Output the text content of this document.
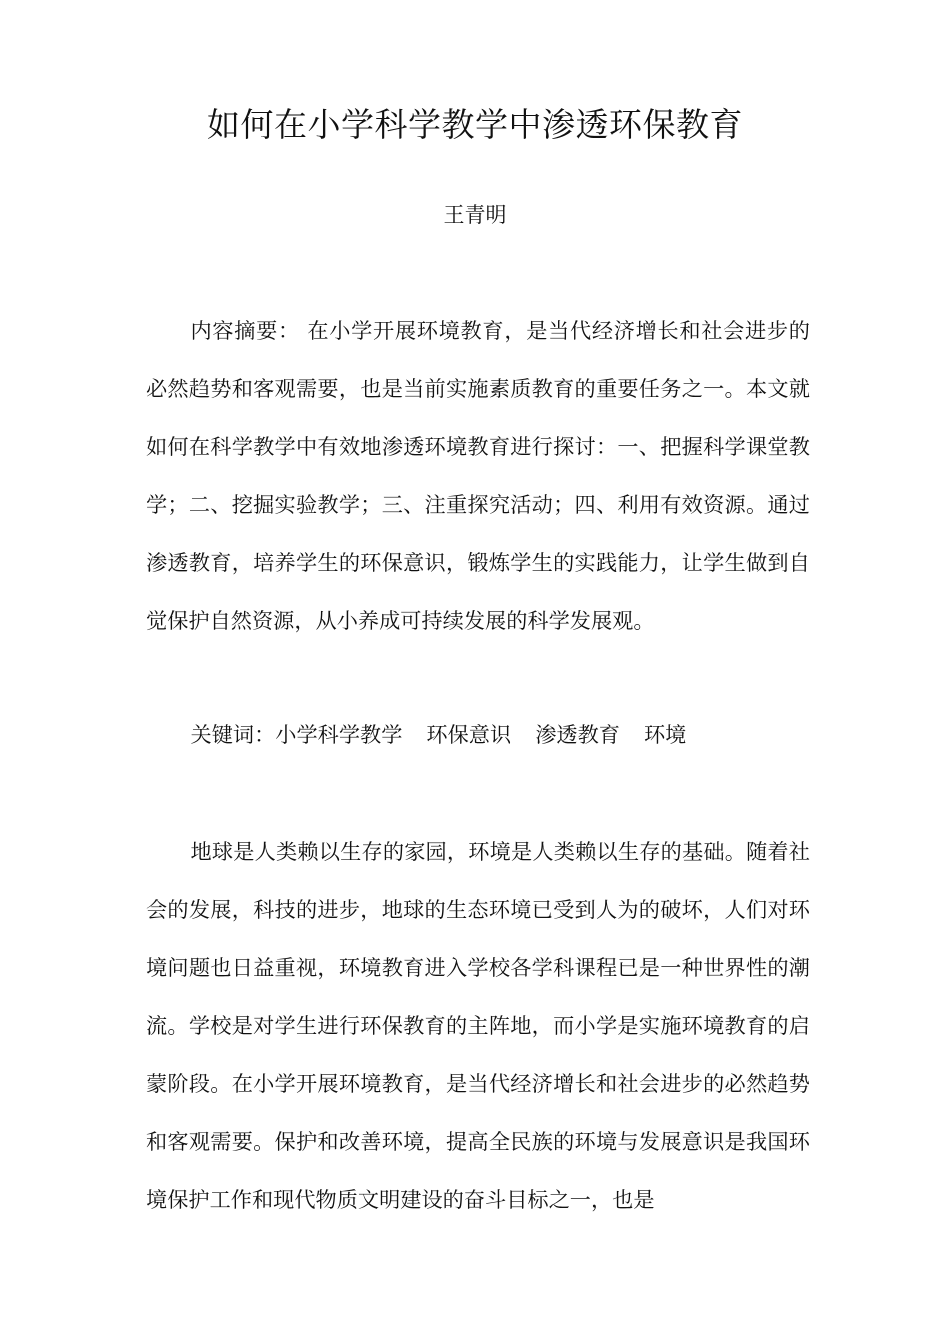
如何在小学科学教学中渗透环保教育
王青明

内容摘要： 在小学开展环境教育，是当代经济增长和社会进步的必然趋势和客观需要，也是当前实施素质教育的重要任务之一。本文就如何在科学教学中有效地渗透环境教育进行探讨：一、把握科学课堂教学；二、挖掘实验教学；三、注重探究活动；四、利用有效资源。通过渗透教育，培养学生的环保意识，锻炼学生的实践能力，让学生做到自觉保护自然资源，从小养成可持续发展的科学发展观。

关键词：小学科学教学 环保意识 渗透教育 环境

地球是人类赖以生存的家园，环境是人类赖以生存的基础。随着社会的发展，科技的进步，地球的生态环境已受到人为的破坏，人们对环境问题也日益重视，环境教育进入学校各学科课程已是一种世界性的潮流。学校是对学生进行环保教育的主阵地，而小学是实施环境教育的启蒙阶段。在小学开展环境教育，是当代经济增长和社会进步的必然趋势和客观需要。保护和改善环境，提高全民族的环境与发展意识是我国环境保护工作和现代物质文明建设的奋斗目标之一，也是
